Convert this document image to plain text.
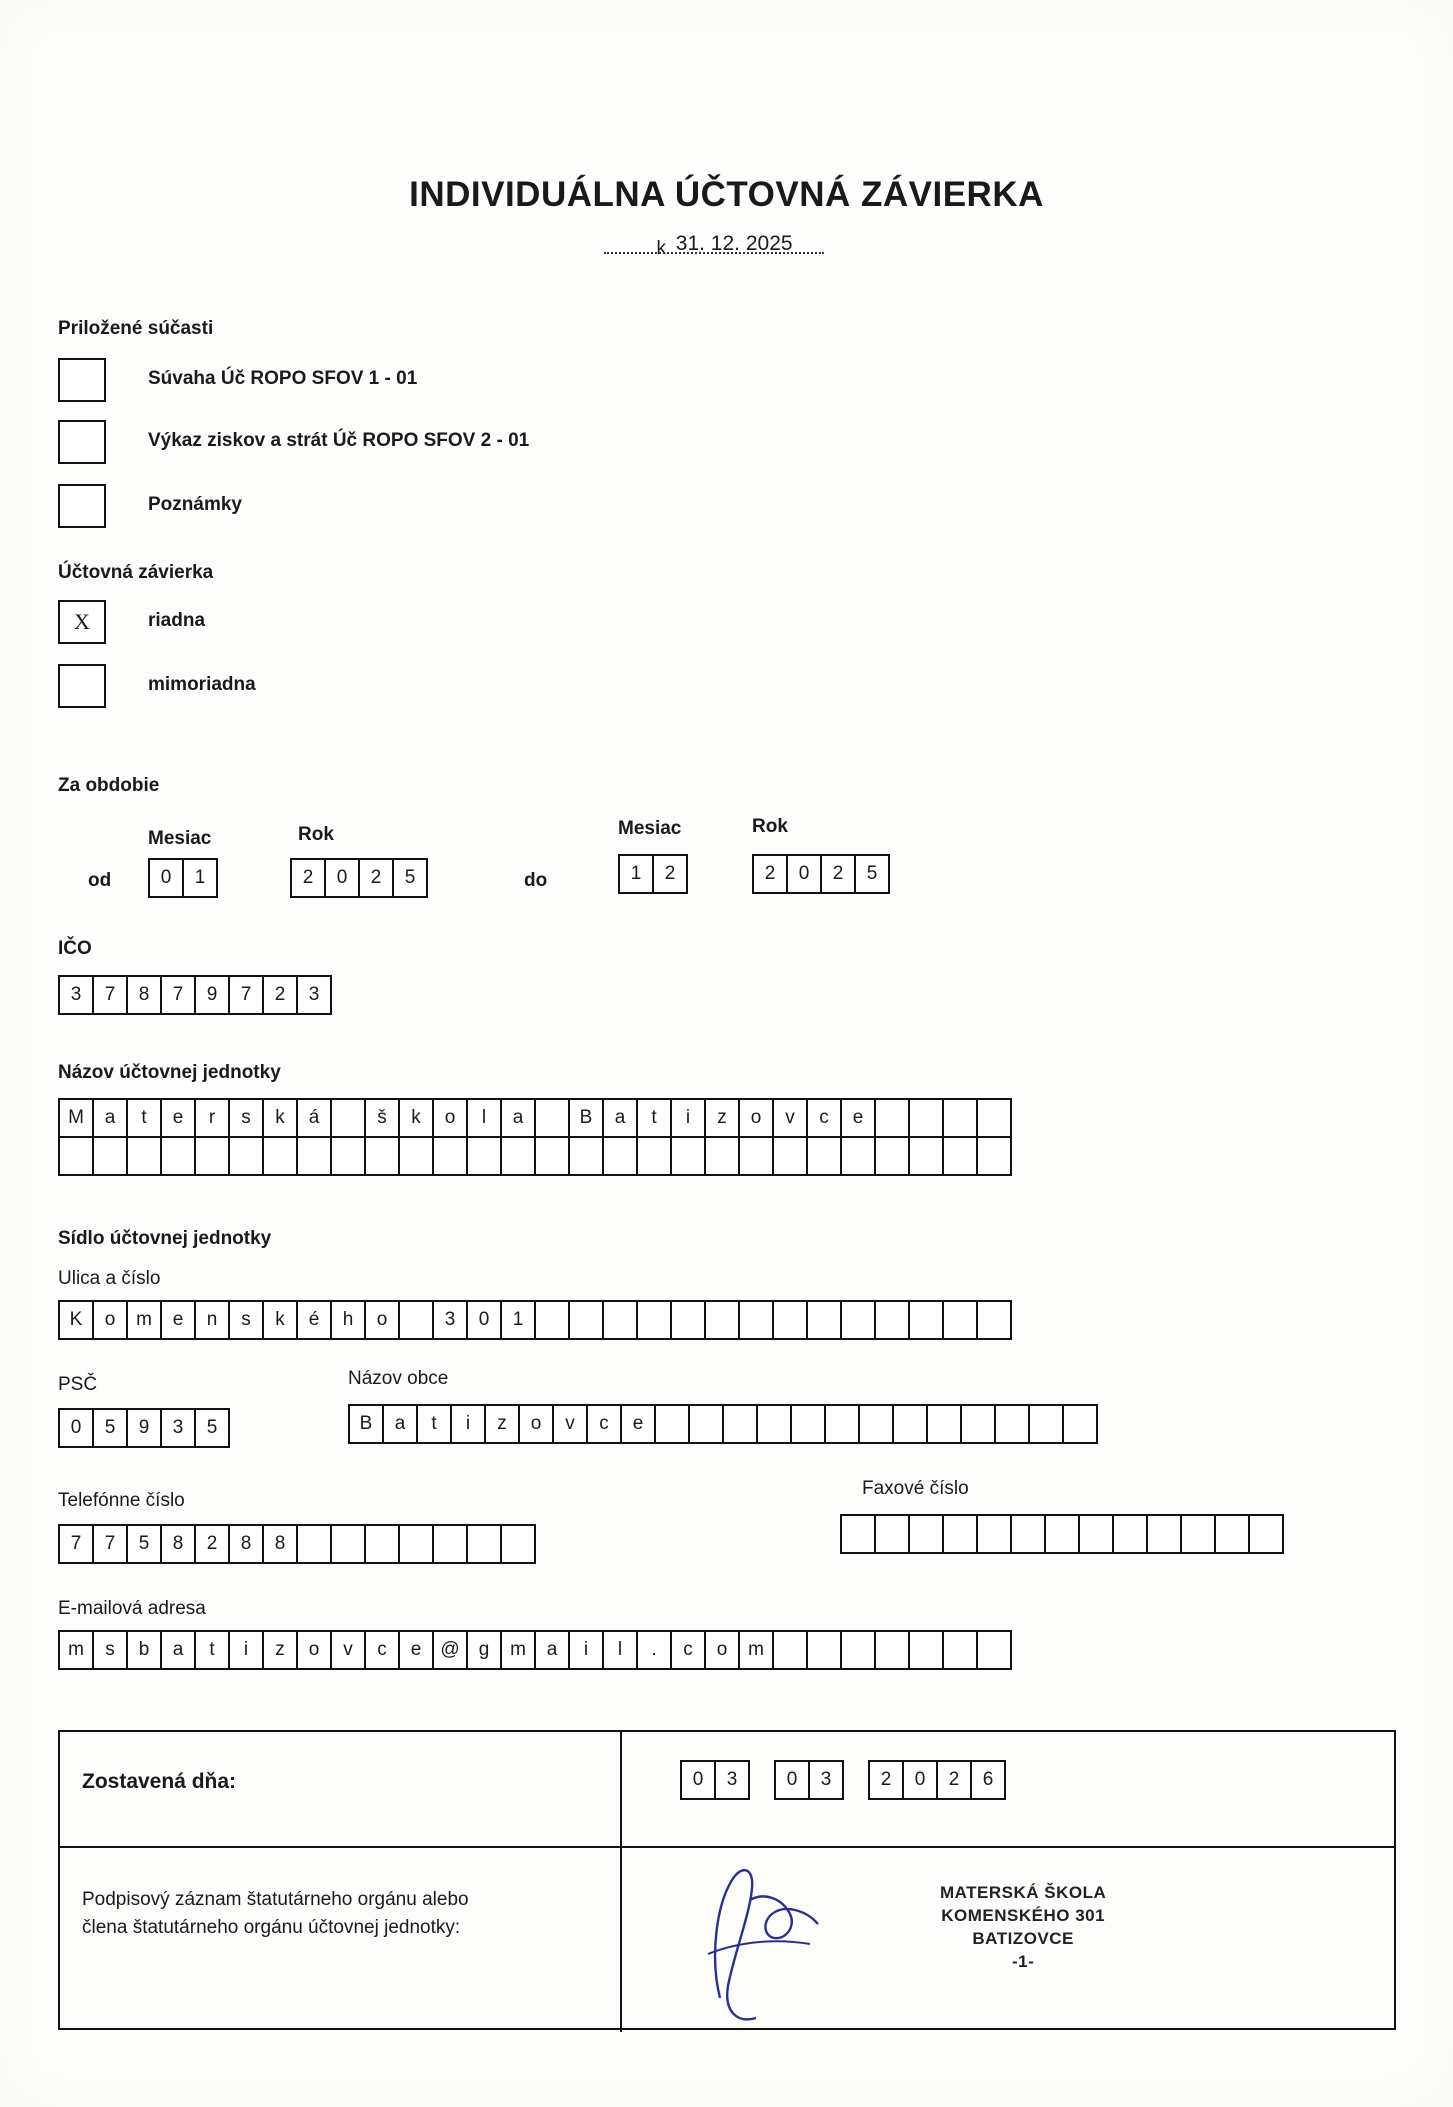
INDIVIDUÁLNA ÚČTOVNÁ ZÁVIERKA
k 31. 12. 2025
Priložené súčasti
Súvaha Úč ROPO SFOV 1 - 01
Výkaz ziskov a strát Úč ROPO SFOV 2 - 01
Poznámky
Účtovná závierka
X	riadna
mimoriadna
Za obdobie
Mesiac	Rok
od	0	1	2	0	2	5
Mesiac	Rok
do	1	2	2	0	2	5
IČO
3	7	8	7	9	7	2	3
Názov účtovnej jednotky
M	a	t	e	r	s	k	á	š	k	o	l	a	B	a	t	i	z	o	v	c	e
Sídlo účtovnej jednotky
Ulica a číslo
K	o	m	e	n	s	k	é	h	o	3	0	1
PSČ
0	5	9	3	5
Názov obce
B	a	t	i	z	o	v	c	e
Telefónne číslo
7	7	5	8	2	8	8
Faxové číslo
E-mailová adresa
m	s	b	a	t	i	z	o	v	c	e	@	g	m	a	i	l	.	c	o	m
Zostavená dňa:	0	3	0	3	2	0	2	6
Podpisový záznam štatutárneho orgánu alebo
člena štatutárneho orgánu účtovnej jednotky:
MATERSKÁ ŠKOLA
KOMENSKÉHO 301
BATIZOVCE
-1-
